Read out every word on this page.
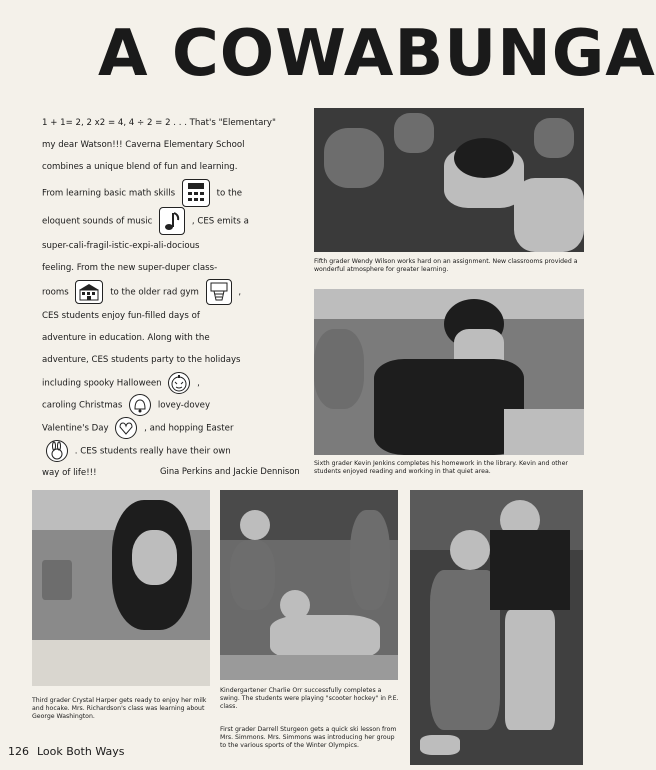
A COWABUNGA
1 + 1= 2, 2 x2 = 4, 4 ÷ 2 = 2 . . . That's "Elementary"
my dear Watson!!! Caverna Elementary School
combines a unique blend of fun and learning.
From learning basic math skills	to the
eloquent sounds of music	, CES emits a
super-cali-fragil-istic-expi-ali-docious
feeling. From the new super-duper class-
rooms	to the older rad gym	,
CES students enjoy fun-filled days of
adventure in education. Along with the
adventure, CES students party to the holidays
including spooky Halloween	,
caroling Christmas	lovey-dovey
Valentine's Day	, and hopping Easter
. CES students really have their own
way of life!!!	Gina Perkins and Jackie Dennison
Fifth grader Wendy Wilson works hard on an assignment. New classrooms provided a wonderful atmosphere for greater learning.
Sixth grader Kevin Jenkins completes his homework in the library. Kevin and other students enjoyed reading and working in that quiet area.
Third grader Crystal Harper gets ready to enjoy her milk and hocake. Mrs. Richardson's class was learning about George Washington.
Kindergartener Charlie Orr successfully completes a swing. The students were playing "scooter hockey" in P.E. class.
First grader Darrell Sturgeon gets a quick ski lesson from Mrs. Simmons. Mrs. Simmons was introducing her group to the various sports of the Winter Olympics.
126 Look Both Ways
